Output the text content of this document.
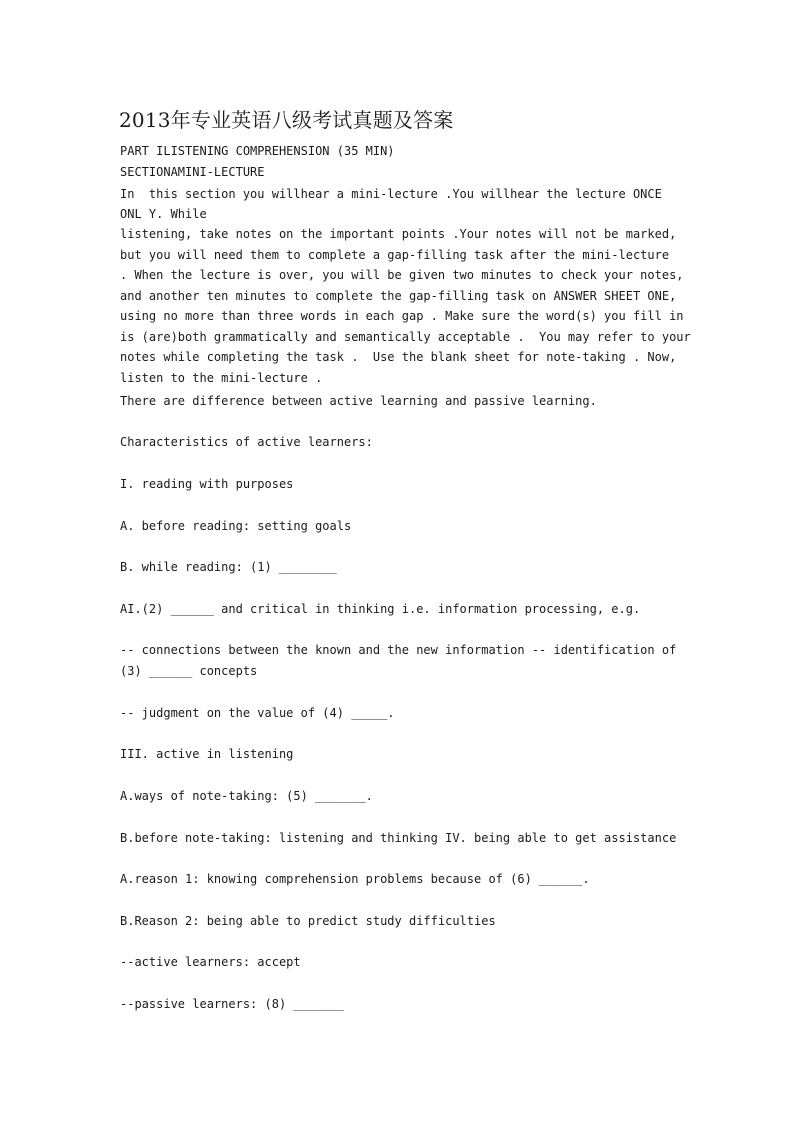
2013年专业英语八级考试真题及答案
PART ILISTENING COMPREHENSION (35 MIN)
SECTIONAMINI-LECTURE
In  this section you willhear a mini-lecture .You willhear the lecture ONCE
ONL Y. While
listening, take notes on the important points .Your notes will not be marked,
but you will need them to complete a gap-filling task after the mini-lecture
. When the lecture is over, you will be given two minutes to check your notes,
and another ten minutes to complete the gap-filling task on ANSWER SHEET ONE,
using no more than three words in each gap . Make sure the word(s) you fill in
is (are)both grammatically and semantically acceptable .  You may refer to your
notes while completing the task .  Use the blank sheet for note-taking . Now,
listen to the mini-lecture .
There are difference between active learning and passive learning.
Characteristics of active learners:
I. reading with purposes
A. before reading: setting goals
B. while reading: (1) ________
AI.(2) ______ and critical in thinking i.e. information processing, e.g.
-- connections between the known and the new information -- identification of
(3) ______ concepts
-- judgment on the value of (4) _____.
III. active in listening
A.ways of note-taking: (5) _______.
B.before note-taking: listening and thinking IV. being able to get assistance
A.reason 1: knowing comprehension problems because of (6) ______.
B.Reason 2: being able to predict study difficulties
--active learners: accept
--passive learners: (8) _______
